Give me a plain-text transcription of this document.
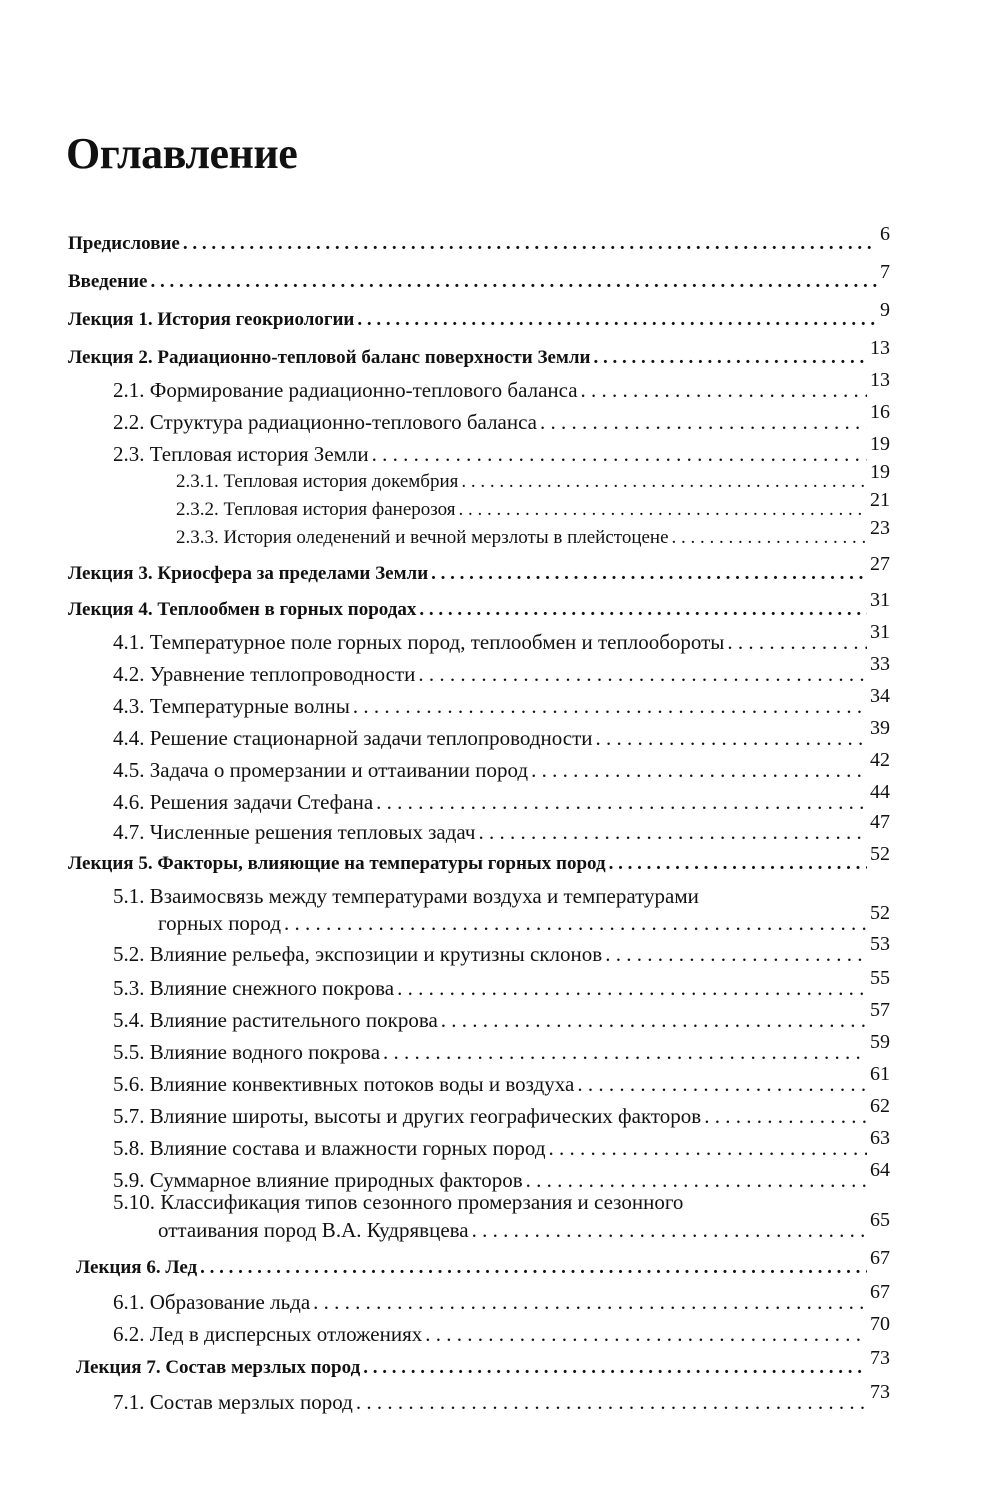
Оглавление
Предисловие . . .	6
Введение . . .	7
Лекция 1. История геокриологии . . .	9
Лекция 2. Радиационно-тепловой баланс поверхности Земли . . .	13
2.1. Формирование радиационно-теплового баланса . . .	13
2.2. Структура радиационно-теплового баланса . . .	16
2.3. Тепловая история Земли . . .	19
2.3.1. Тепловая история докембрия . . .	19
2.3.2. Тепловая история фанерозоя . . .	21
2.3.3. История оледенений и вечной мерзлоты в плейстоцене . . .	23
Лекция 3. Криосфера за пределами Земли . . .	27
Лекция 4. Теплообмен в горных породах . . .	31
4.1. Температурное поле горных пород, теплообмен и теплообороты . . .	31
4.2. Уравнение теплопроводности . . .	33
4.3. Температурные волны . . .	34
4.4. Решение стационарной задачи теплопроводности . . .	39
4.5. Задача о промерзании и оттаивании пород . . .	42
4.6. Решения задачи Стефана . . .	44
4.7. Численные решения тепловых задач . . .	47
Лекция 5. Факторы, влияющие на температуры горных пород . . .	52
5.1. Взаимосвязь между температурами воздуха и температурами
горных пород . . .	52
5.2. Влияние рельефа, экспозиции и крутизны склонов . . .	53
5.3. Влияние снежного покрова . . .	55
5.4. Влияние растительного покрова . . .	57
5.5. Влияние водного покрова . . .	59
5.6. Влияние конвективных потоков воды и воздуха . . .	61
5.7. Влияние широты, высоты и других географических факторов . . .	62
5.8. Влияние состава и влажности горных пород . . .	63
5.9. Суммарное влияние природных факторов . . .	64
5.10. Классификация типов сезонного промерзания и сезонного
оттаивания пород В.А. Кудрявцева . . .	65
Лекция 6. Лед . . .	67
6.1. Образование льда . . .	67
6.2. Лед в дисперсных отложениях . . .	70
Лекция 7. Состав мерзлых пород . . .	73
7.1. Состав мерзлых пород . . .	73
